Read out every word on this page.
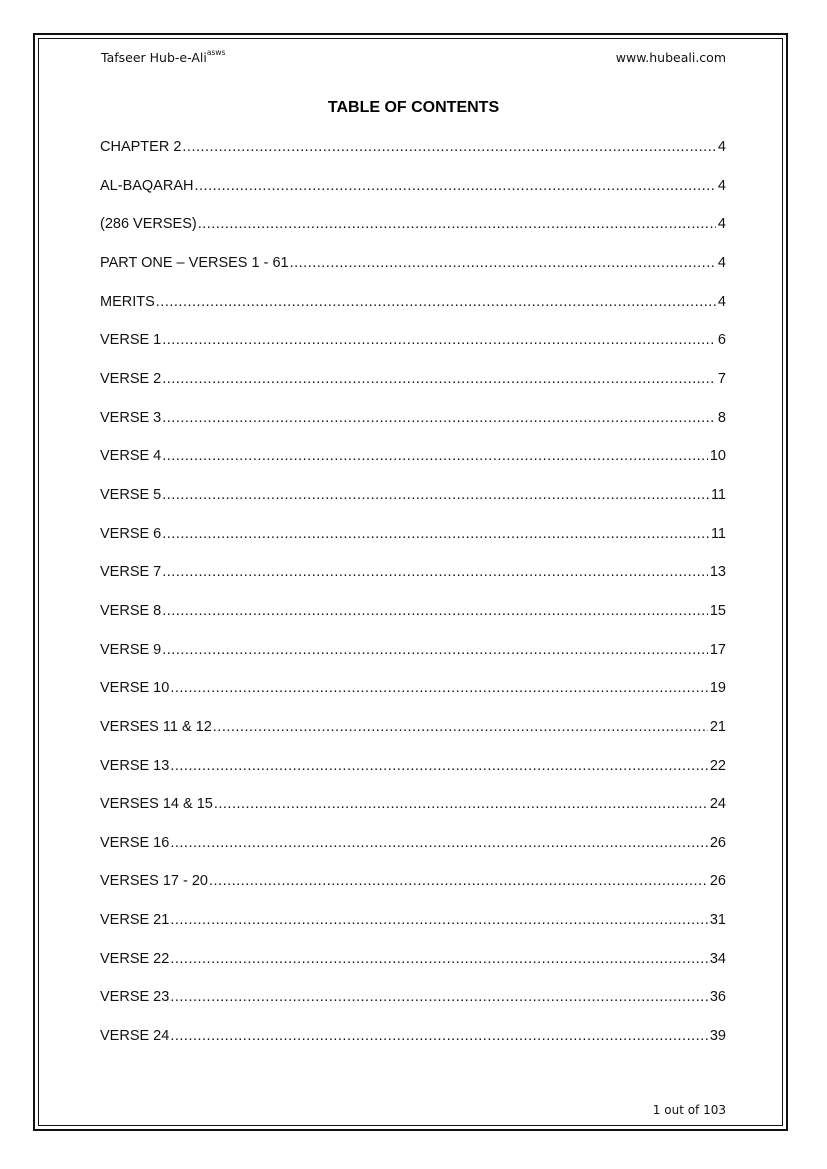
Tafseer Hub-e-Ali$^{asws}$	www.hubeali.com
TABLE OF CONTENTS
CHAPTER 2 .....	4
AL-BAQARAH .....	4
(286 VERSES) .....	4
PART ONE – VERSES 1 - 61 .....	4
MERITS .....	4
VERSE 1 .....	6
VERSE 2 .....	7
VERSE 3 .....	8
VERSE 4 .....	10
VERSE 5 .....	11
VERSE 6 .....	11
VERSE 7 .....	13
VERSE 8 .....	15
VERSE 9 .....	17
VERSE 10 .....	19
VERSES 11 & 12 .....	21
VERSE 13 .....	22
VERSES 14 & 15 .....	24
VERSE 16 .....	26
VERSES 17 - 20 .....	26
VERSE 21 .....	31
VERSE 22 .....	34
VERSE 23 .....	36
VERSE 24 .....	39
1 out of 103
